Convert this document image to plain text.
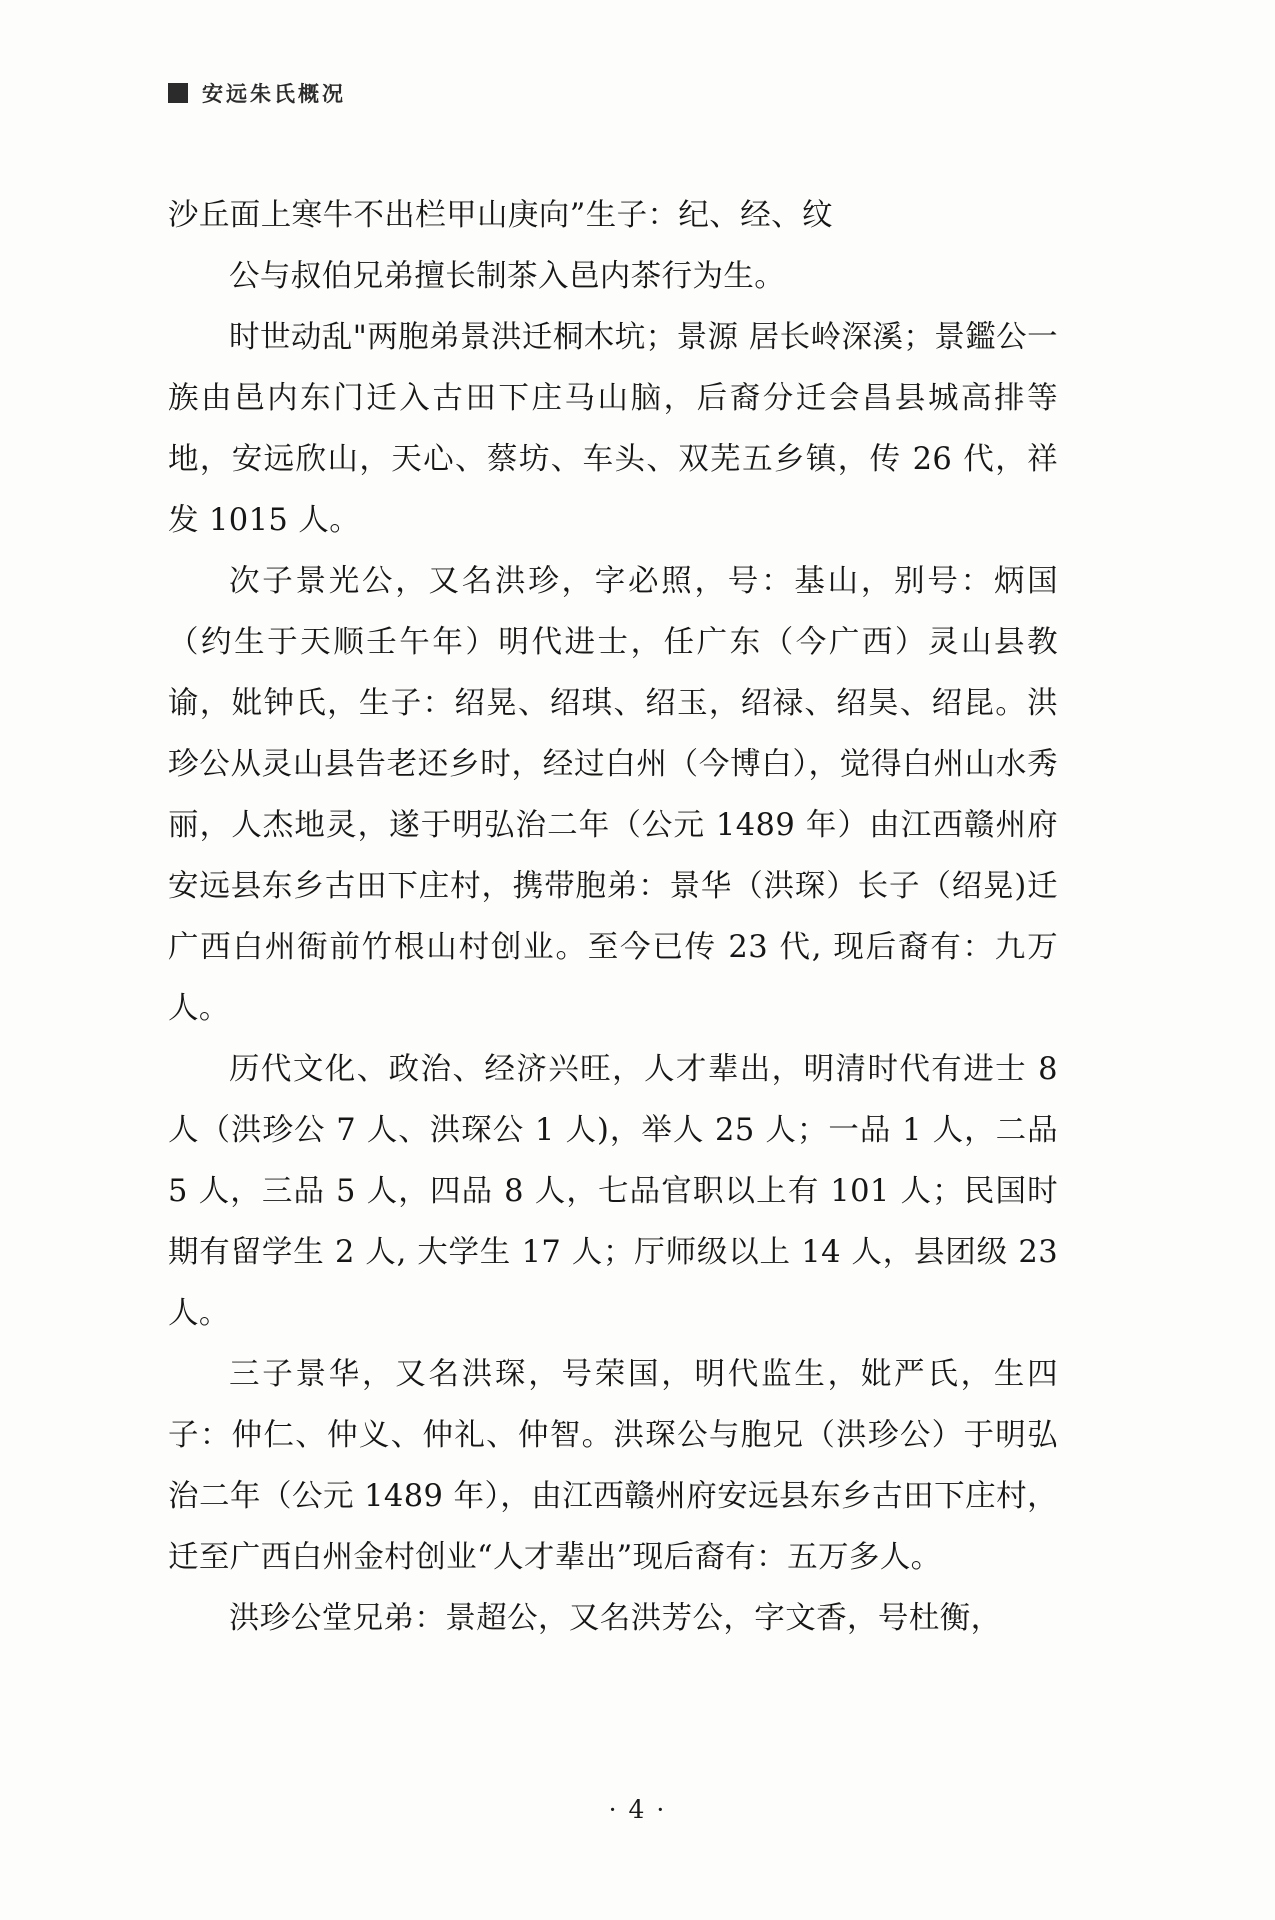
安远朱氏概况

沙丘面上寒牛不出栏甲山庚向”生子：纪、经、纹

公与叔伯兄弟擅长制茶入邑内茶行为生。

时世动乱"两胞弟景洪迁桐木坑；景源 居长岭深溪；景鑑公一族由邑内东门迁入古田下庄马山脑，后裔分迁会昌县城高排等地，安远欣山，天心、蔡坊、车头、双芜五乡镇，传 26 代，祥发 1015 人。

次子景光公，又名洪珍，字必照，号：基山，别号：炳国（约生于天顺壬午年）明代进士，任广东（今广西）灵山县教谕，妣钟氏，生子：绍晃、绍琪、绍玉，绍禄、绍昊、绍昆。洪珍公从灵山县告老还乡时，经过白州（今博白），觉得白州山水秀丽，人杰地灵，遂于明弘治二年（公元 1489 年）由江西赣州府安远县东乡古田下庄村，携带胞弟：景华（洪琛）长子（绍晃)迁广西白州衙前竹根山村创业。至今已传 23 代, 现后裔有：九万人。

历代文化、政治、经济兴旺，人才辈出，明清时代有进士 8 人（洪珍公 7 人、洪琛公 1 人)，举人 25 人；一品 1 人，二品 5 人，三品 5 人，四品 8 人，七品官职以上有 101 人；民国时期有留学生 2 人, 大学生 17 人；厅师级以上 14 人，县团级 23 人。

三子景华，又名洪琛，号荣国，明代监生，妣严氏，生四子：仲仁、仲义、仲礼、仲智。洪琛公与胞兄（洪珍公）于明弘治二年（公元 1489 年），由江西赣州府安远县东乡古田下庄村，迁至广西白州金村创业“人才辈出”现后裔有：五万多人。

洪珍公堂兄弟：景超公，又名洪芳公，字文香，号杜衡，

· 4 ·
